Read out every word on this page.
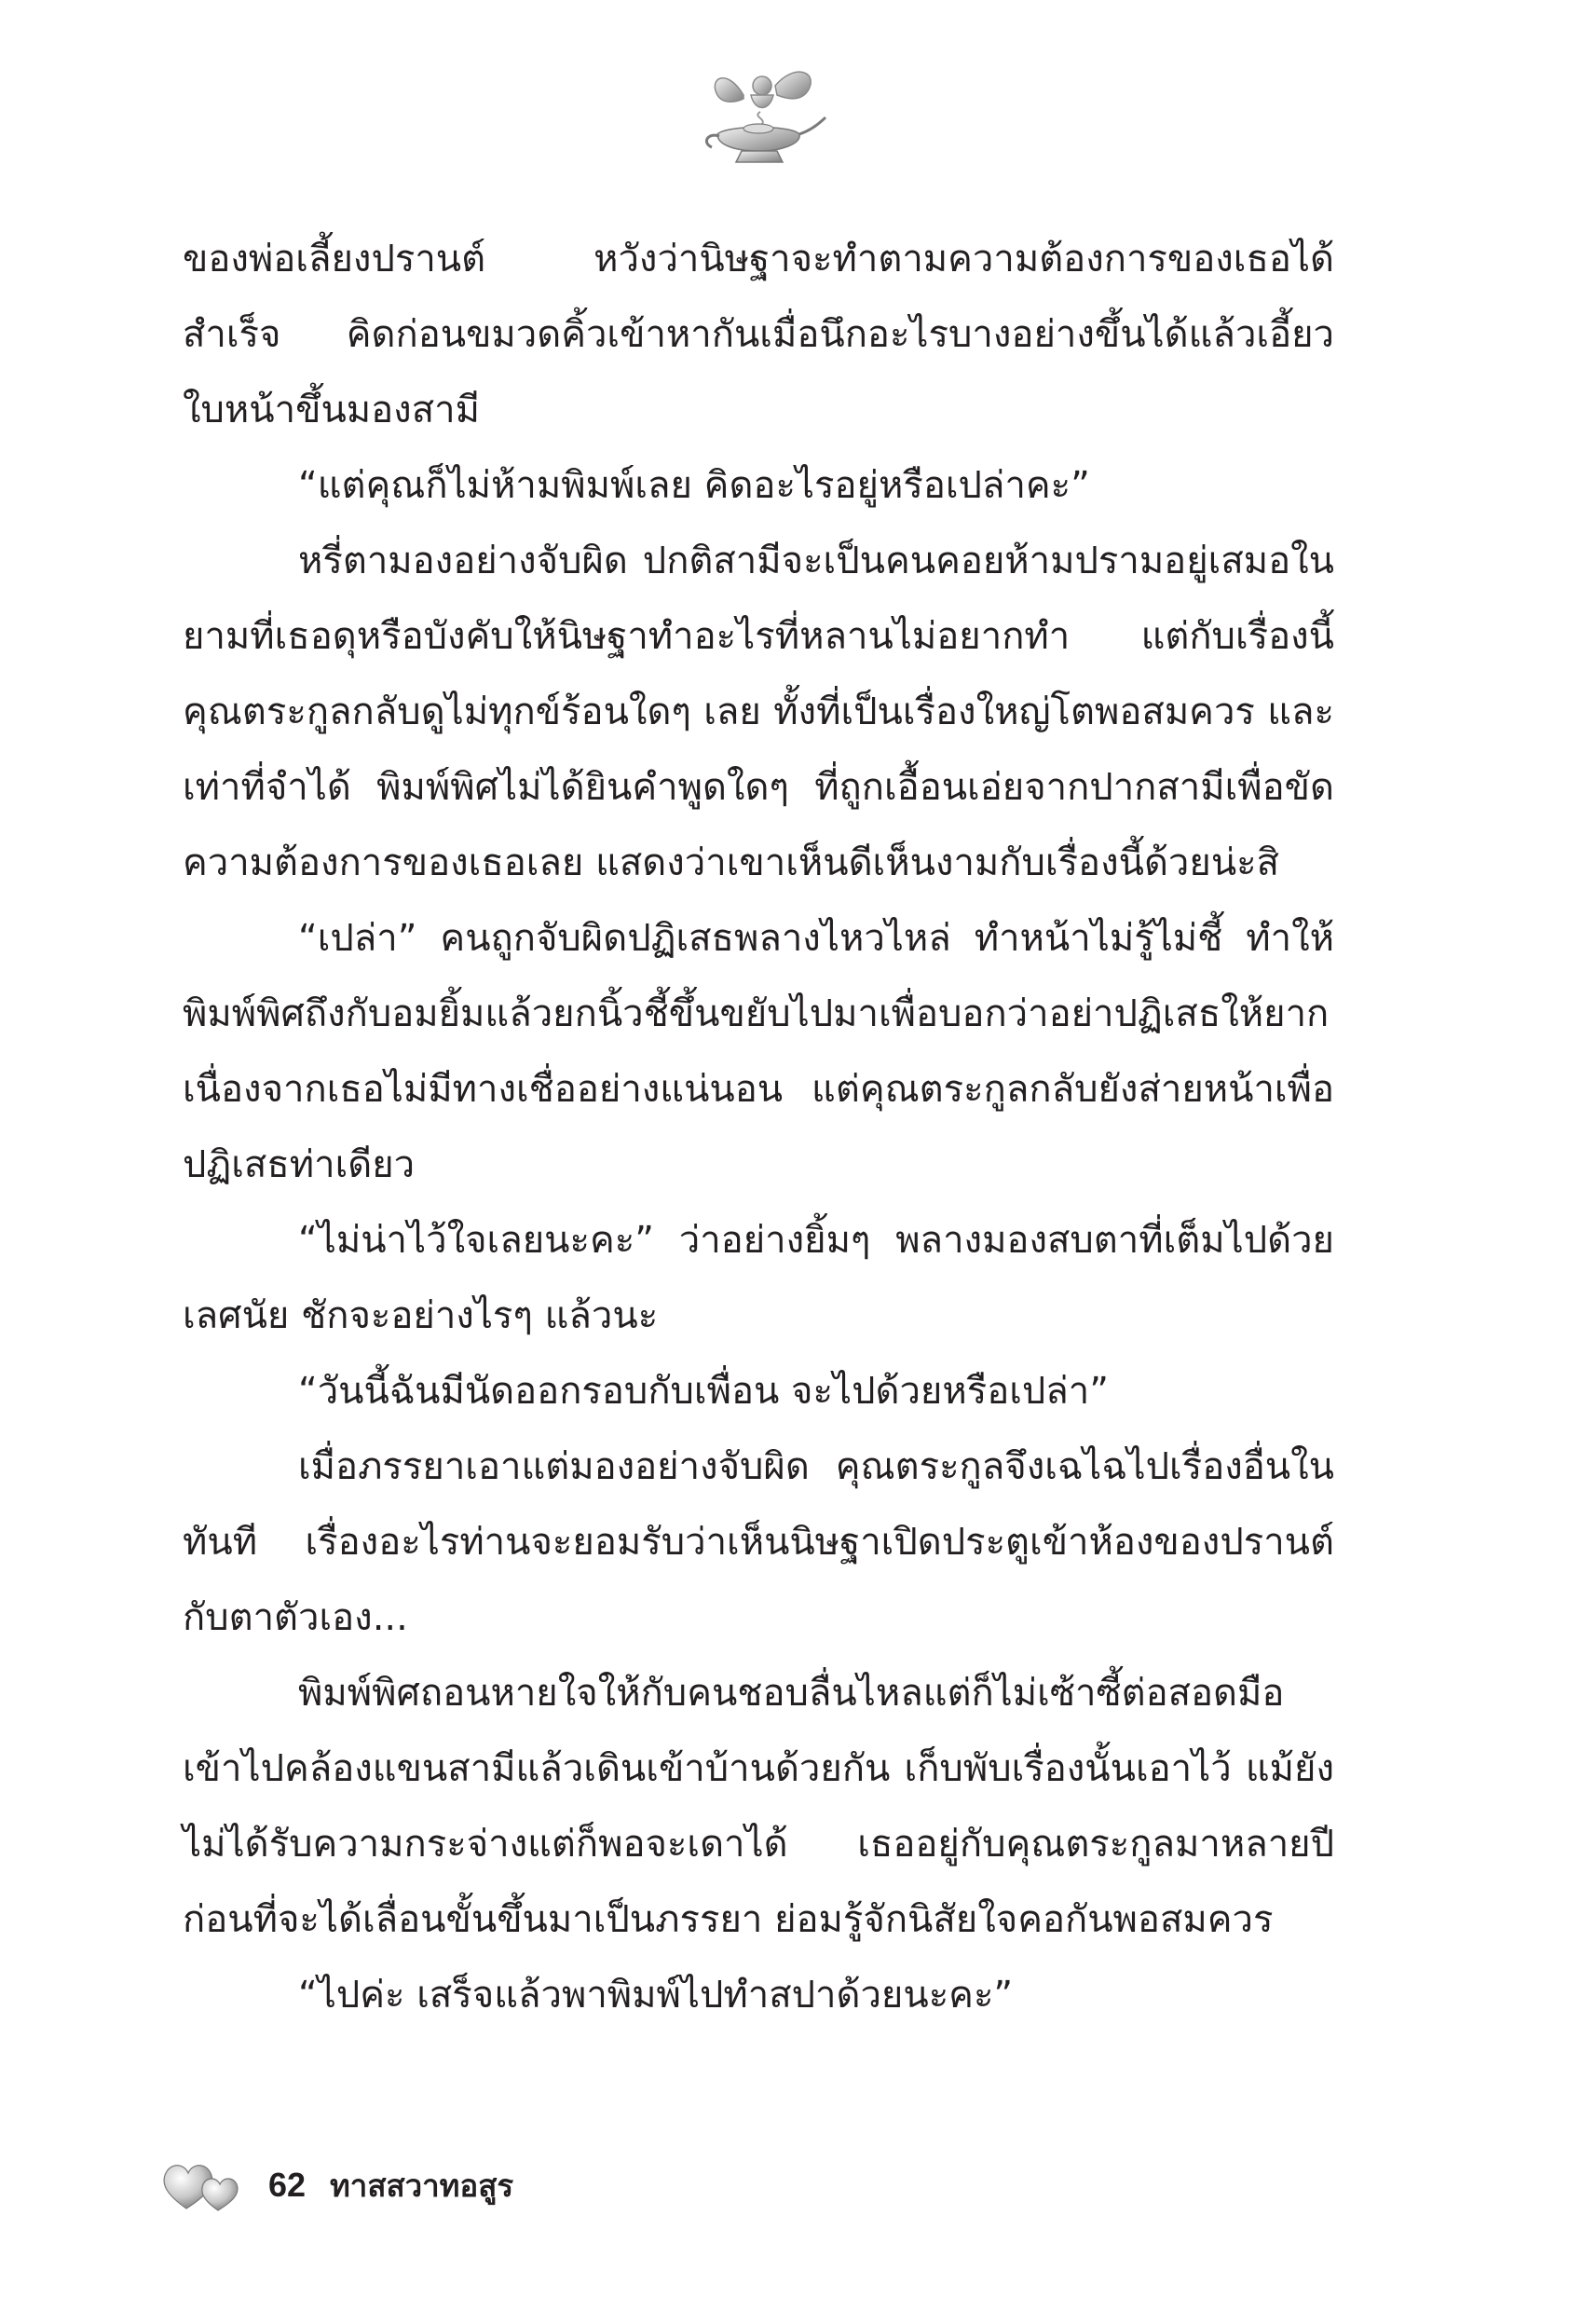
ของพ่อเลี้ยงปรานต์ หวังว่านิษฐาจะทำตามความต้องการของเธอได้สำเร็จ คิดก่อนขมวดคิ้วเข้าหากันเมื่อนึกอะไรบางอย่างขึ้นได้แล้วเอี้ยวใบหน้าขึ้นมองสามี

“แต่คุณก็ไม่ห้ามพิมพ์เลย คิดอะไรอยู่หรือเปล่าคะ”

หรี่ตามองอย่างจับผิด ปกติสามีจะเป็นคนคอยห้ามปรามอยู่เสมอในยามที่เธอดุหรือบังคับให้นิษฐาทำอะไรที่หลานไม่อยากทำ แต่กับเรื่องนี้คุณตระกูลกลับดูไม่ทุกข์ร้อนใดๆ เลย ทั้งที่เป็นเรื่องใหญ่โตพอสมควร และเท่าที่จำได้ พิมพ์พิศไม่ได้ยินคำพูดใดๆ ที่ถูกเอื้อนเอ่ยจากปากสามีเพื่อขัดความต้องการของเธอเลย แสดงว่าเขาเห็นดีเห็นงามกับเรื่องนี้ด้วยน่ะสิ

“เปล่า” คนถูกจับผิดปฏิเสธพลางไหวไหล่ ทำหน้าไม่รู้ไม่ชี้ ทำให้พิมพ์พิศถึงกับอมยิ้มแล้วยกนิ้วชี้ขึ้นขยับไปมาเพื่อบอกว่าอย่าปฏิเสธให้ยาก เนื่องจากเธอไม่มีทางเชื่ออย่างแน่นอน แต่คุณตระกูลกลับยังส่ายหน้าเพื่อปฏิเสธท่าเดียว

“ไม่น่าไว้ใจเลยนะคะ” ว่าอย่างยิ้มๆ พลางมองสบตาที่เต็มไปด้วยเลศนัย ชักจะอย่างไรๆ แล้วนะ

“วันนี้ฉันมีนัดออกรอบกับเพื่อน จะไปด้วยหรือเปล่า”

เมื่อภรรยาเอาแต่มองอย่างจับผิด คุณตระกูลจึงเฉไฉไปเรื่องอื่นในทันที เรื่องอะไรท่านจะยอมรับว่าเห็นนิษฐาเปิดประตูเข้าห้องของปรานต์กับตาตัวเอง...

พิมพ์พิศถอนหายใจให้กับคนชอบลื่นไหลแต่ก็ไม่เซ้าซี้ต่อสอดมือเข้าไปคล้องแขนสามีแล้วเดินเข้าบ้านด้วยกัน เก็บพับเรื่องนั้นเอาไว้ แม้ยังไม่ได้รับความกระจ่างแต่ก็พอจะเดาได้ เธออยู่กับคุณตระกูลมาหลายปีก่อนที่จะได้เลื่อนขั้นขึ้นมาเป็นภรรยา ย่อมรู้จักนิสัยใจคอกันพอสมควร

“ไปค่ะ เสร็จแล้วพาพิมพ์ไปทำสปาด้วยนะคะ”

62 ทาสสวาทอสูร
